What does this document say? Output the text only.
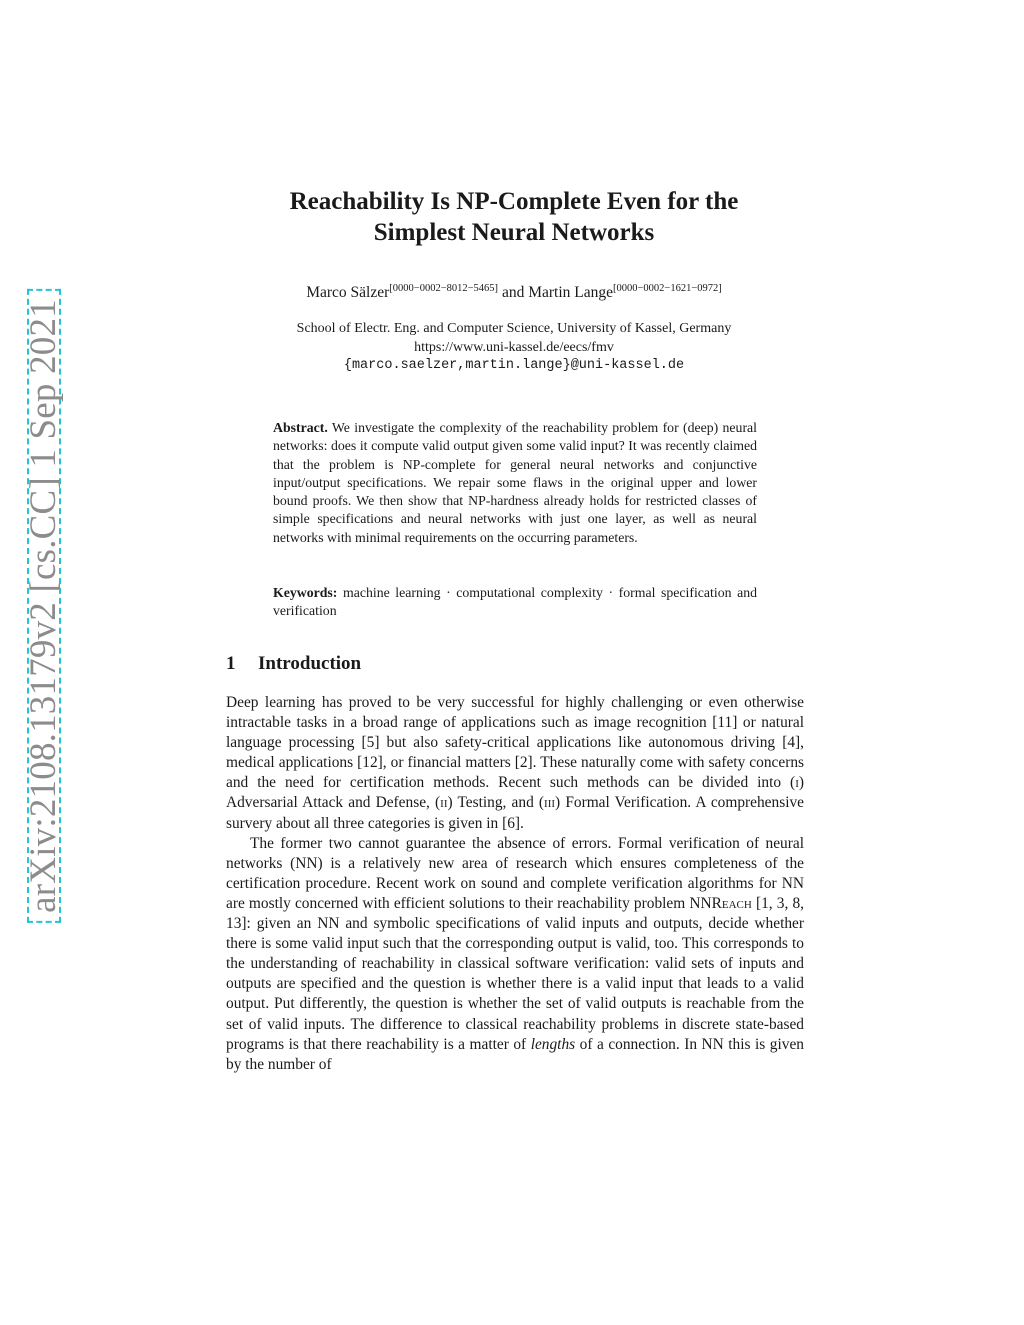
arXiv:2108.13179v2 [cs.CC] 1 Sep 2021
Reachability Is NP-Complete Even for the
Simplest Neural Networks
Marco Sälzer[0000−0002−8012−5465] and Martin Lange[0000−0002−1621−0972]
School of Electr. Eng. and Computer Science, University of Kassel, Germany
https://www.uni-kassel.de/eecs/fmv
{marco.saelzer,martin.lange}@uni-kassel.de

Abstract. We investigate the complexity of the reachability problem for (deep) neural networks: does it compute valid output given some valid input? It was recently claimed that the problem is NP-complete for general neural networks and conjunctive input/output specifications. We repair some flaws in the original upper and lower bound proofs. We then show that NP-hardness already holds for restricted classes of simple specifications and neural networks with just one layer, as well as neural networks with minimal requirements on the occurring parameters.

Keywords: machine learning · computational complexity · formal specification and verification

1 Introduction

Deep learning has proved to be very successful for highly challenging or even otherwise intractable tasks in a broad range of applications such as image recognition [11] or natural language processing [5] but also safety-critical applications like autonomous driving [4], medical applications [12], or financial matters [2]. These naturally come with safety concerns and the need for certification methods. Recent such methods can be divided into (i) Adversarial Attack and Defense, (ii) Testing, and (iii) Formal Verification. A comprehensive survery about all three categories is given in [6].

The former two cannot guarantee the absence of errors. Formal verification of neural networks (NN) is a relatively new area of research which ensures completeness of the certification procedure. Recent work on sound and complete verification algorithms for NN are mostly concerned with efficient solutions to their reachability problem NNReach [1, 3, 8, 13]: given an NN and symbolic specifications of valid inputs and outputs, decide whether there is some valid input such that the corresponding output is valid, too. This corresponds to the understanding of reachability in classical software verification: valid sets of inputs and outputs are specified and the question is whether there is a valid input that leads to a valid output. Put differently, the question is whether the set of valid outputs is reachable from the set of valid inputs. The difference to classical reachability problems in discrete state-based programs is that there reachability is a matter of lengths of a connection. In NN this is given by the number of
